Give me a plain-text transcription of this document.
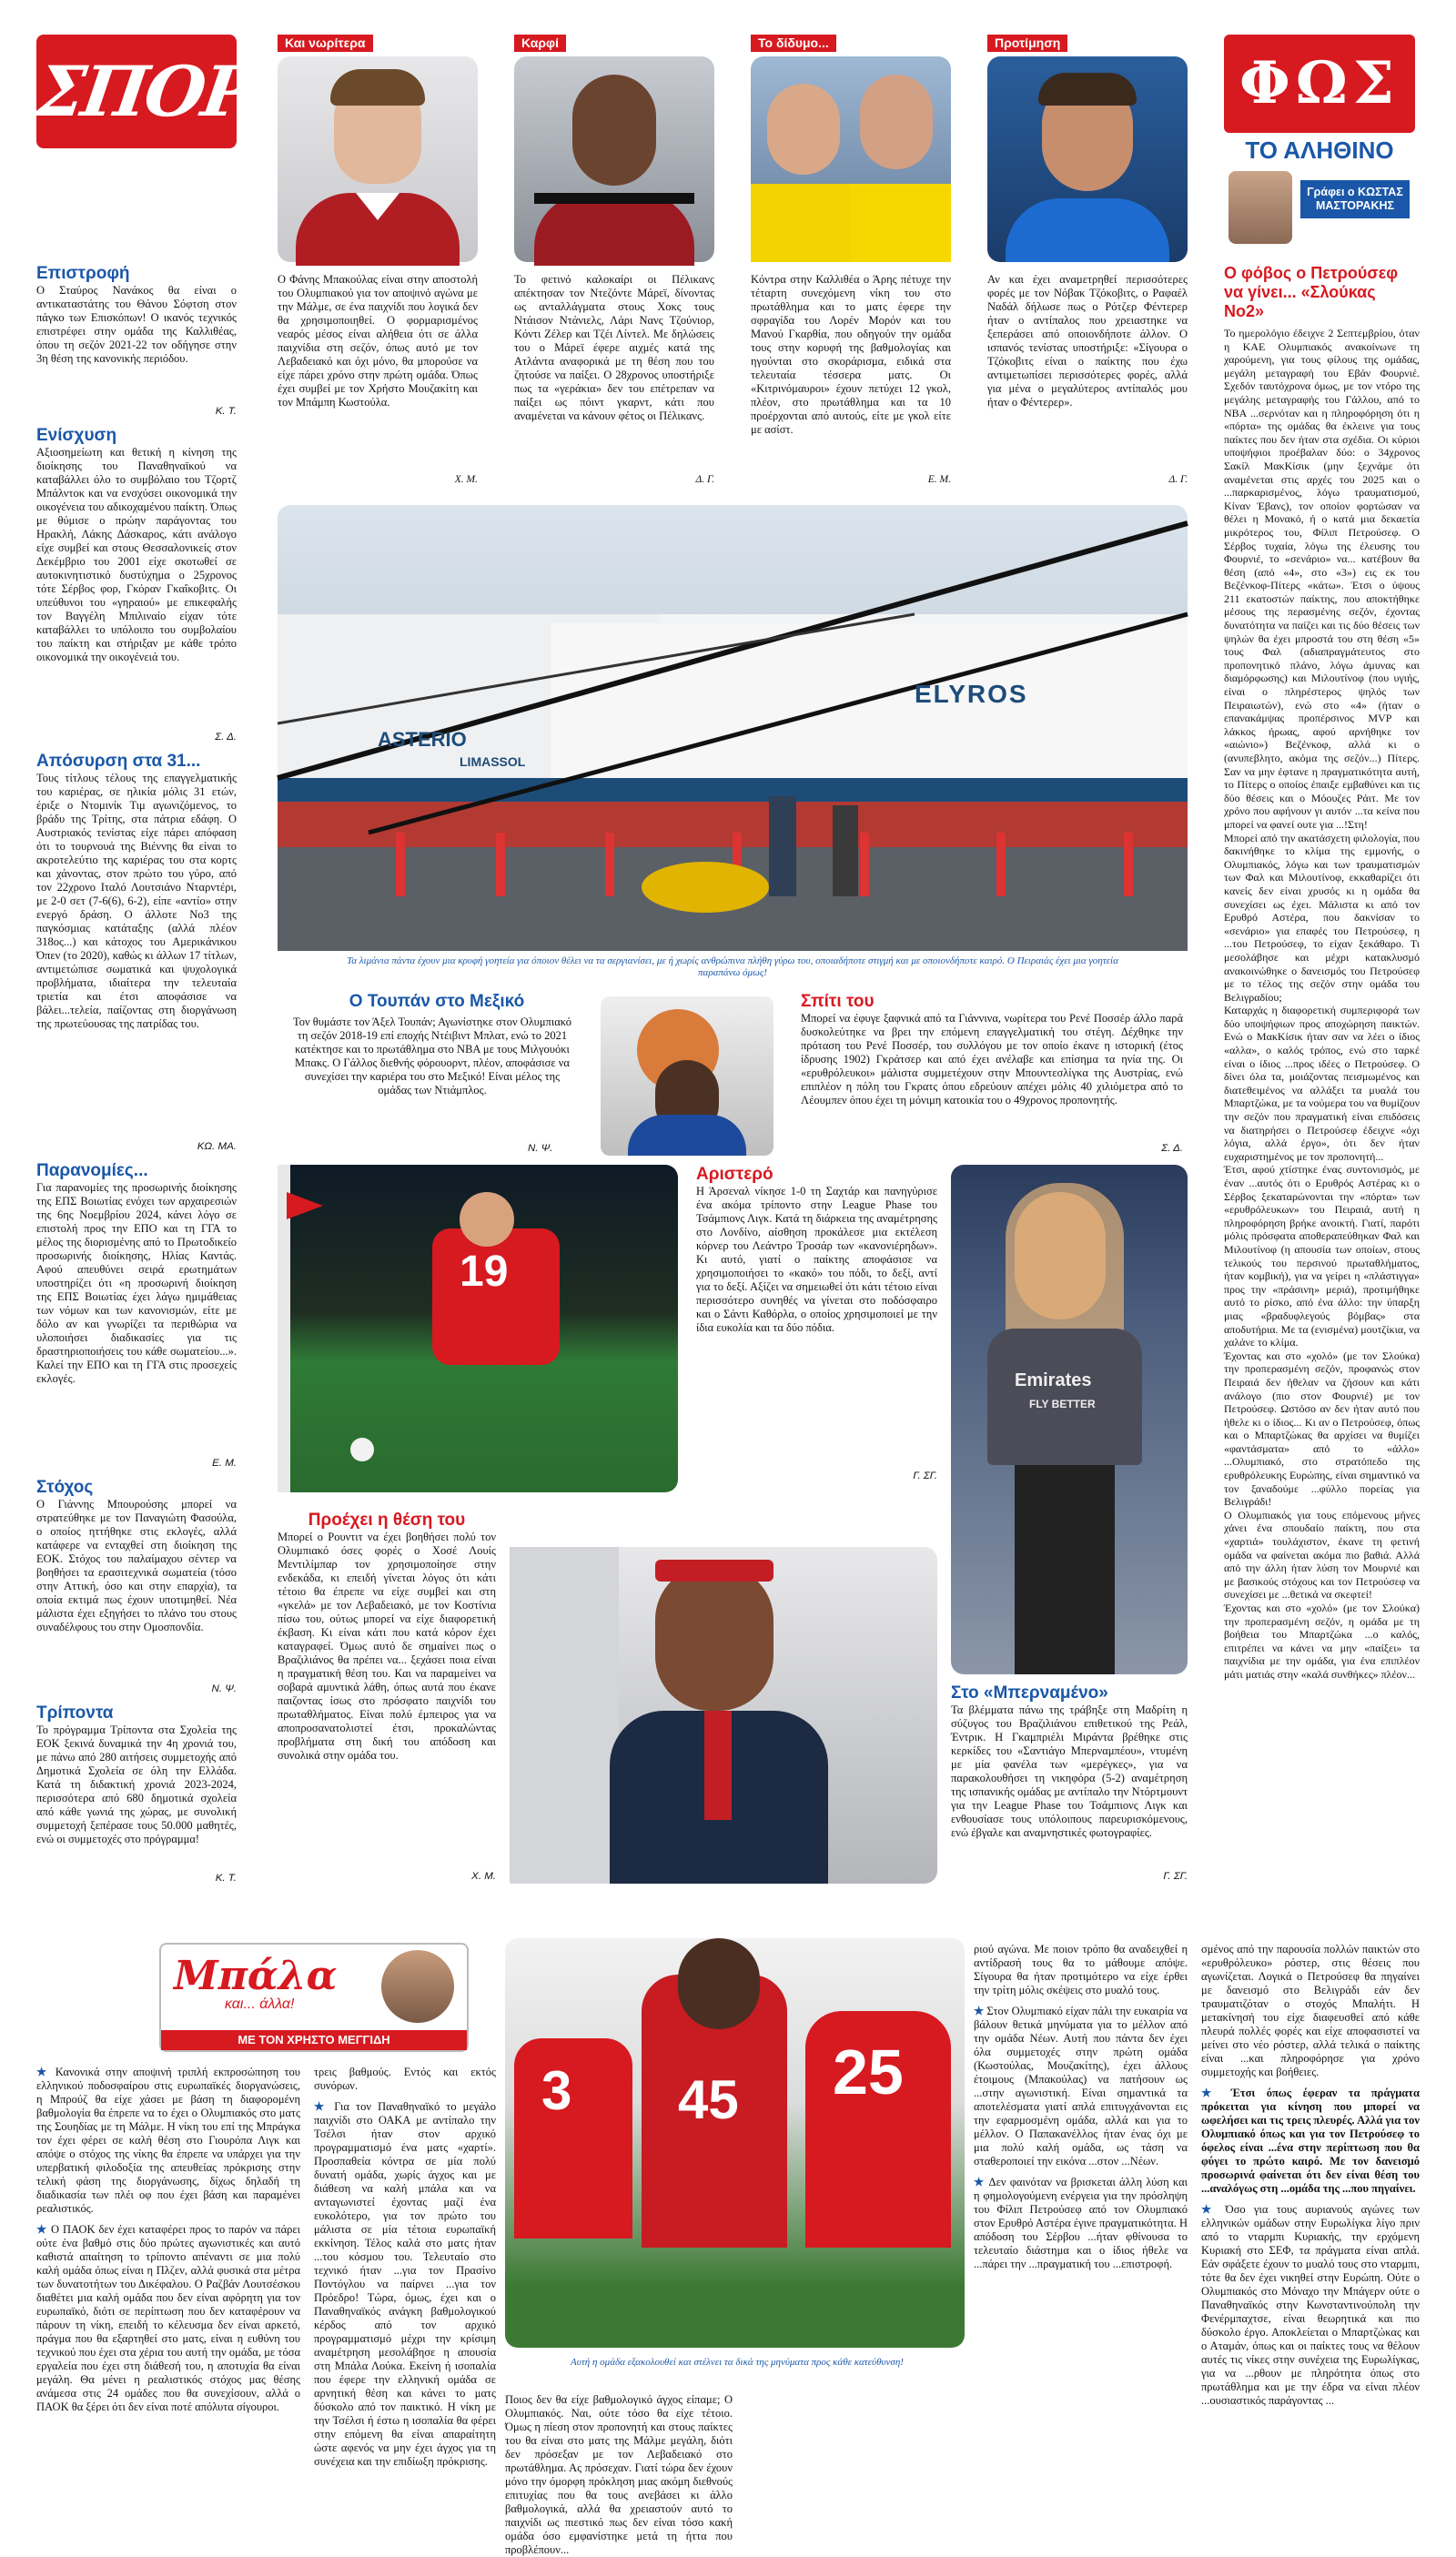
ΣΠΟΡ
Και νωρίτερα	Καρφί	Το δίδυμο...	Προτίμηση
ΦΩΣ
ΤΟ ΑΛΗΘΙΝΟ
Γράφει ο ΚΩΣΤΑΣ ΜΑΣΤΟΡΑΚΗΣ
Ο Φάνης Μπακούλας είναι στην αποστολή του Ολυμπιακού για τον αποψινό αγώνα με την Μάλμε, σε ένα παιχνίδι που λογικά δεν θα χρησιμοποιηθεί. Ο φορμαρισμένος νεαρός μέσος είναι αλήθεια ότι σε άλλα παιχνίδια στη σεζόν, όπως αυτό με τον Λεβαδειακό και όχι μόνο, θα μπορούσε να είχε πάρει χρόνο στην πρώτη ομάδα. Όπως έχει συμβεί με τον Χρήστο Μουζακίτη και τον Μπάμπη Κωστούλα.
Χ. Μ.
Το φετινό καλοκαίρι οι Πέλικανς απέκτησαν τον Ντεζόντε Μάρεϊ, δίνοντας ως ανταλλάγματα στους Χοκς τους Ντάισον Ντάνιελς, Λάρι Νανς Τζούνιορ, Κόντι Ζέλερ και Τζέι Λίντελ. Με δηλώσεις του ο Μάρεϊ έφερε αιχμές κατά της Ατλάντα αναφορικά με τη θέση που του ζητούσε να παίξει. Ο 28χρονος υποστήριξε πως τα «γεράκια» δεν του επέτρεπαν να παίξει ως πόιντ γκαρντ, κάτι που αναμένεται να κάνουν φέτος οι Πέλικανς.
Δ. Γ.
Κόντρα στην Καλλιθέα ο Άρης πέτυχε την τέταρτη συνεχόμενη νίκη του στο πρωτάθλημα και το ματς έφερε την σφραγίδα του Λορέν Μορόν και του Μανού Γκαρθία, που οδηγούν την ομάδα τους στην κορυφή της βαθμολογίας και ηγούνται στο σκοράρισμα, ειδικά στα τελευταία τέσσερα ματς. Οι «Κιτρινόμαυροι» έχουν πετύχει 12 γκολ, πλέον, στο πρωτάθλημα και τα 10 προέρχονται από αυτούς, είτε με γκολ είτε με ασίστ.
Ε. Μ.
Αν και έχει αναμετρηθεί περισσότερες φορές με τον Νόβακ Τζόκοβιτς, ο Ραφαέλ Ναδάλ δήλωσε πως ο Ρότζερ Φέντερερ ήταν ο αντίπαλος που χρειαστηκε να ξεπεράσει από οποιονδήποτε άλλον. Ο ισπανός τενίστας υποστήριξε: «Σίγουρα ο Τζόκοβιτς είναι ο παίκτης που έχω αντιμετωπίσει περισσότερες φορές, αλλά για μένα ο μεγαλύτερος αντίπαλός μου ήταν ο Φέντερερ».
Δ. Γ.
Επιστροφή
Ο Σταύρος Νανάκος θα είναι ο αντικαταστάτης του Θάνου Σόφτση στον πάγκο των Επισκόπων! Ο ικανός τεχνικός επιστρέφει στην ομάδα της Καλλιθέας, όπου τη σεζόν 2021-22 τον οδήγησε στην 3η θέση της κανονικής περιόδου.
Κ. Τ.
Ενίσχυση
Αξιοσημείωτη και θετική η κίνηση της διοίκησης του Παναθηναϊκού να καταβάλλει όλο το συμβόλαιο του Τζορτζ Μπάλντοκ και να ενσχύσει οικονομικά την οικογένεια του αδικοχαμένου παίκτη. Όπως με θύμισε ο πρώην παράγοντας του Ηρακλή, Λάκης Δάσκαρος, κάτι ανάλογο είχε συμβεί και στους Θεσσαλονικείς στον Δεκέμβριο του 2001 είχε σκοτωθεί σε αυτοκινητιστικό δυστύχημα ο 25χρονος τότε Σέρβος φορ, Γκόραν Γκαΐκοβιτς. Οι υπεύθυνοι του «γηραιού» με επικεφαλής τον Βαγγέλη Μπιλιναίο είχαν τότε καταβάλλει το υπόλοιπο του συμβολαίου του παίκτη και στήριξαν με κάθε τρόπο οικονομικά την οικογένειά του.
Σ. Δ.
Απόσυρση στα 31...
Τους τίτλους τέλους της επαγγελματικής του καριέρας, σε ηλικία μόλις 31 ετών, έριξε ο Ντομινίκ Τιμ αγωνιζόμενος, το βράδυ της Τρίτης, στα πάτρια εδάφη. Ο Αυστριακός τενίστας είχε πάρει απόφαση ότι το τουρνουά της Βιέννης θα είναι το ακροτελεύτιο της καριέρας του στα κορτς και χάνοντας, στον πρώτο του γύρο, από τον 22χρονο Ιταλό Λουτσιάνο Νταρντέρι, με 2-0 σετ (7-6(6), 6-2), είπε «αντίο» στην ενεργό δράση. Ο άλλοτε Νο3 της παγκόσμιας κατάταξης (αλλά πλέον 318ος...) και κάτοχος του Αμερικάνικου Όπεν (το 2020), καθώς κι άλλων 17 τίτλων, αντιμετώπισε σωματικά και ψυχολογικά προβλήματα, ιδιαίτερα την τελευταία τριετία και έτσι αποφάσισε να βάλει...τελεία, παίζοντας στη διοργάνωση της πρωτεύουσας της πατρίδας του.
ΚΩ. ΜΑ.
Παρανομίες...
Για παρανομίες της προσωρινής διοίκησης της ΕΠΣ Βοιωτίας ενόχει των αρχαιρεσιών της 6ης Νοεμβρίου 2024, κάνει λόγο σε επιστολή προς την ΕΠΟ και τη ΓΓΑ το μέλος της διορισμένης από το Πρωτοδικείο προσωρινής διοίκησης, Ηλίας Καντάς. Αφού απευθύνει σειρά ερωτημάτων υποστηρίζει ότι «η προσωρινή διοίκηση της ΕΠΣ Βοιωτίας έχει λάγω ημιμάθειας των νόμων και των κανονισμών, είτε με δόλο αν και γνωρίζει τα περιθώρια να υλοποιήσει διαδικασίες για τις δραστηριοποιήσεις του κάθε σωματείου...». Καλεί την ΕΠΟ και τη ΓΓΑ στις προσεχείς εκλογές.
Ε. Μ.
Στόχος
Ο Γιάννης Μπουρούσης μπορεί να στρατεύθηκε με τον Παναγιώτη Φασούλα, ο οποίος ηττήθηκε στις εκλογές, αλλά κατάφερε να ενταχθεί στη διοίκηση της ΕΟΚ. Στόχος του παλαίμαχου σέντερ να βοηθήσει τα ερασιτεχνικά σωματεία (τόσο στην Αττική, όσο και στην επαρχία), τα οποία εκτιμά πως έχουν υποτιμηθεί. Νέα μάλιστα έχει εξηγήσει το πλάνο του στους συναδέλφους του στην Ομοσπονδία.
Ν. Ψ.
Τρίποντα
Το πρόγραμμα Τρίποντα στα Σχολεία της ΕΟΚ ξεκινά δυναμικά την 4η χρονιά του, με πάνω από 280 αιτήσεις συμμετοχής από Δημοτικά Σχολεία σε όλη την Ελλάδα. Κατά τη διδακτική χρονιά 2023-2024, περισσότερα από 680 δημοτικά σχολεία από κάθε γωνιά της χώρας, με συνολική συμμετοχή ξεπέρασε τους 50.000 μαθητές, ενώ οι συμμετοχές στο πρόγραμμα!
Κ. Τ.
Ο φόβος ο Πετρούσεφ να γίνει... «Σλούκας Νο2»
Το ημερολόγιο έδειχνε 2 Σεπτεμβρίου, όταν η ΚΑΕ Ολυμπιακός ανακοίνωνε τη χαρούμενη, για τους φίλους της ομάδας, μεγάλη μεταγραφή του Εβάν Φουρνιέ. Σχεδόν ταυτόχρονα όμως, με τον ντόρο της μεγάλης μεταγραφής του Γάλλου, από το NBA ...σερνόταν και η πληροφόρηση ότι η «πόρτα» της ομάδας θα έκλεινε για τους παίκτες που δεν ήταν στα σχέδια. Οι κύριοι υποψήφιοι προέβαλαν δύο: ο 34χρονος Σακίλ ΜακΚίσικ (μην ξεχνάμε ότι αναμένεται στις αρχές του 2025 και ο ...παρκαρισμένος, λόγω τραυματισμού, Κίναν Έβανς), τον οποίον φορτώσαν να θέλει η Μονακό, ή ο κατά μια δεκαετία μικρότερος του, Φίλιπ Πετρούσεφ. Ο Σέρβος τυχαία, λόγω της έλευσης του Φουρνιέ, το «σενάριο» να... κατέβουν θα θέση (από «4», στο «3») εις εκ του Βεζένκοφ-Πίτερς «κάτω». Έτσι ο ύψους 211 εκατοστών παίκτης, που αποκτήθηκε μέσους της περασμένης σεζόν, έχοντας δυνατότητα να παίζει και τις δύο θέσεις των ψηλών θα έχει μπροστά του στη θέση «5» τους Φαλ (αδιαπραγμάτευτος στο προπονητικό πλάνο, λόγω άμυνας και διαμόρφωσης) και Μιλουτίνοφ (που υγιής, είναι ο πληρέστερος ψηλός των Πειραιωτών), ενώ στο «4» (ήταν ο επανακάμψας προπέρσινος MVP και λάκκος ήρωας, αφού αρνήθηκε τον «αιώνιο») Βεζένκοφ, αλλά κι ο (ανυπεβλητο, ακόμα της σεζόν...) Πίτερς. Σαν να μην έφτανε η πραγματικότητα αυτή, το Πίτερς ο οποίος έπαιξε εμβαθύνει και τις δύο θέσεις και ο Μόουζες Ράιτ. Με τον χρόνο που αφήνουν γι αυτόν ...τα κείνα που μπορεί να φανεί ουτε για ...!Στη!
Μπορεί από την ακατάσχετη φιλολογία, που δακινήθηκε το κλίμα της εμμονής, ο Ολυμπιακός, λόγω και των τραυματισμών των Φαλ και Μιλουτίνοφ, εκκαθαρίζει ότι κανείς δεν είναι χρυσός κι η ομάδα θα συνεχίσει ως έχει. Μάλιστα κι από τον Ερυθρό Αστέρα, που δακνίσαν το «σενάριο» για επαφές του Πετρούσεφ, η ...του Πετρούσεφ, το είχαν ξεκάθαρο. Τι μεσολάβησε και μέχρι κατακλυσμό ανακοινώθηκε ο δανεισμός του Πετρούσεφ με το τέλος της σεζόν στην ομάδα του Βελιγραδίου;
Καταρχάς η διαφορετική συμπεριφορά των δύο υποψήφιων προς αποχώρηση παικτών. Ενώ ο ΜακΚίσικ ήταν σαν να λέει ο ίδιος «αλλα», ο καλός τρόπος, ενώ στο ταρκέ είναι ο ίδιος ...προς ιδέες ο Πετρούσεφ. Ο δίνει όλα τα, μοιάζοντας πεισμωμένος και διατεθειμένος να αλλάξει τα μυαλά του Μπαρτζώκα, με τα νούμερα του να θυμίζουν την σεζόν που πραγματική είναι επιδόσεις να διατηρήσει ο Πετρούσεφ έδειχνε «όχι λόγια, αλλά έργο», ότι δεν ήταν ευχαριστημένος με τον προπονητή...
Έτσι, αφού χτίστηκε ένας συντονισμός, με έναν ...αυτός ότι ο Ερυθρός Αστέρας κι ο Σέρβος ξεκαταρώνονται την «πόρτα» των «ερυθρόλευκων» του Πειραιά, αυτή η πληροφόρηση βρήκε ανοικτή. Γιατί, παρότι μόλις πρόσφατα αποθεραπεύθηκαν Φαλ και Μιλουτίνοφ (η απουσία των οποίων, στους τελικούς του περσινού πρωταθλήματος, ήταν κομβική), για να γείρει η «πλάστιγγα» προς την «πράσινη» μεριά), προτιμήθηκε αυτό το ρίσκο, από ένα άλλο: την ύπαρξη μιας «βραδυφλεγούς βόμβας» στα αποδυτήρια. Με τα (ενισμένα) μουτζίκια, να χαλάνε το κλίμα.
Έχοντας και στο «χολό» (με τον Σλούκα) την προπερασμένη σεζόν, προφανώς στον Πειραιά δεν ήθελαν να ζήσουν και κάτι ανάλογο (πιο στον Φουρνιέ) με τον Πετρούσεφ. Ωστόσο αν δεν ήταν αυτό που ήθελε κι ο ίδιος... Κι αν ο Πετρούσεφ, όπως και ο Μπαρτζώκας θα αρχίσει να θυμίζει «φαντάσματα» από το «άλλο» ...Ολυμπιακό, στο στρατόπεδο της ερυθρόλευκης Ευρώπης, είναι σημαντικό να τον ξαναδούμε ...φύλλο πορείας για Βελιγράδι!
Ο Ολυμπιακός για τους επόμενους μήνες χάνει ένα σπουδαίο παίκτη, που στα «χαρτιά» τουλάχιστον, έκανε τη φετινή ομάδα να φαίνεται ακόμα πιο βαθιά. Αλλά από την άλλη ήταν λύση τον Μουρνιέ και με βασικούς στόχους και τον Πετρούσεφ να συνεχίσει με ...θετικά να σκεφτεί!
Έχοντας και στο «χολό» (με τον Σλούκα) την προπερασμένη σεζόν, η ομάδα με τη βοήθεια του Μπαρτζώκα ...ο καλός, επιτρέπει να κάνει να μην «παίξει» τα παιχνίδια με την ομάδα, για ένα επιπλέον μάτι ματιάς στην «καλά συνθήκες» πλέον...
ELYROS
ASTERIO
LIMASSOL
Τα λιμάνια πάντα έχουν μια κρυφή γοητεία για όποιον θέλει να τα σεργιανίσει, με ή χωρίς ανθρώπινα πλήθη γύρω του, οποιαδήποτε στιγμή και με οποιονδήποτε καιρό. Ο Πειραιάς έχει μια γοητεία παραπάνω όμως!
Ο Τουπάν στο Μεξικό
Τον θυμάστε τον Άξελ Τουπάν; Αγωνίστηκε στον Ολυμπιακό τη σεζόν 2018-19 επί εποχής Ντέιβιντ Μπλατ, ενώ το 2021 κατέκτησε και το πρωτάθλημα στο NBA με τους Μιλγουόκι Μπακς. Ο Γάλλος διεθνής φόρουορντ, πλέον, αποφάσισε να συνεχίσει την καριέρα του στο Μεξικό! Είναι μέλος της ομάδας των Ντιάμπλος.
Ν. Ψ.
Σπίτι του
Μπορεί να έφυγε ξαφνικά από τα Γιάννινα, νωρίτερα του Ρενέ Ποσσέρ άλλο παρά δυσκολεύτηκε να βρει την επόμενη επαγγελματική του στέγη. Δέχθηκε την πρόταση του Ρενέ Ποσσέρ, του συλλόγου με τον οποίο έκανε η ιστορική (έτος ίδρυσης 1902) Γκράτσερ και από έχει ανέλαβε και επίσημα τα ηνία της. Οι «ερυθρόλευκοι» μάλιστα συμμετέχουν στην Μπουντεσλίγκα της Αυστρίας, ενώ επιπλέον η πόλη του Γκρατς όπου εδρεύουν απέχει μόλις 40 χιλιόμετρα από το Λέουμπεν όπου έχει τη μόνιμη κατοικία του ο 49χρονος προπονητής.
Σ. Δ.
19
Αριστερό
Η Άρσεναλ νίκησε 1-0 τη Σαχτάρ και πανηγύρισε ένα ακόμα τρίποντο στην League Phase του Τσάμπιονς Λιγκ. Κατά τη διάρκεια της αναμέτρησης στο Λονδίνο, αίσθηση προκάλεσε μια εκτέλεση κόρνερ του Λεάντρο Τροσάρ των «κανονιέρηδων». Κι αυτό, γιατί ο παίκτης αποφάσισε να χρησιμοποιήσει το «κακό» του πόδι, το δεξί, αντί για το δεξί. Αξίζει να σημειωθεί ότι κάτι τέτοιο είναι περισσότερο συνηθές να γίνεται στο ποδόσφαιρο και ο Σάντι Καθόρλα, ο οποίος χρησιμοποιεί με την ίδια ευκολία και τα δύο πόδια.
Γ. ΣΓ.
Emirates
FLY BETTER
Προέχει η θέση του
Μπορεί ο Ρουντιτ να έχει βοηθήσει πολύ τον Ολυμπιακό όσες φορές ο Χοσέ Λουίς Μεντιλίμπαρ τον χρησιμοποίησε στην ενδεκάδα, κι επειδή γίνεται λόγος ότι κάτι τέτοιο θα έπρεπε να είχε συμβεί και στη «γκελά» με τον Λεβαδειακό, με τον Κοστίνια πίσω του, ούτως μπορεί να είχε διαφορετική έκβαση. Κι είναι κάτι που κατά κόρον έχει καταγραφεί. Όμως αυτό δε σημαίνει πως ο Βραζιλιάνος θα πρέπει να... ξεχάσει ποια είναι η πραγματική θέση του. Και να παραμείνει να σοβαρά αμυντικά λάθη, όπως αυτά που έκανε παιζοντας ίσως στο πρόσφατο παιχνίδι του πρωταθλήματος. Είναι πολύ έμπειρος για να αποπροσανατολιστεί έτσι, προκαλώντας προβλήματα στη δική του απόδοση και συνολικά στην ομάδα του.
Χ. Μ.
Στο «Μπερναμένο»
Τα βλέμματα πάνω της τράβηξε στη Μαδρίτη η σύζυγος του Βραζιλιάνου επιθετικού της Ρεάλ, Έντρικ. Η Γκαμπριέλι Μιράντα βρέθηκε στις κερκίδες του «Σαντιάγο Μπερναμπέου», ντυμένη με μία φανέλα των «μερέγκες», για να παρακολουθήσει τη νικηφόρα (5-2) αναμέτρηση της ισπανικής ομάδας με αντίπαλο την Ντόρτμουντ για την League Phase του Τσάμπιονς Λιγκ και ενθουσίασε τους υπόλοιπους παρευρισκόμενους, ενώ έβγαλε και αναμνηστικές φωτογραφίες.
Γ. ΣΓ.
Μπάλα
και... άλλα!
ΜΕ ΤΟΝ ΧΡΗΣΤΟ ΜΕΓΓΙΔΗ
★ Κανονικά στην αποψινή τριπλή εκπροσώπηση του ελληνικού ποδοσφαίρου στις ευρωπαϊκές διοργανώσεις, η Μπρούζ θα είχε χάσει με βάση τη διαφορομένη βαθμολογία θα έπρεπε να το έχει ο Ολυμπιακός στο ματς της Σουηδίας με τη Μάλμε. Η νίκη του επί της Μπράγκα τον έχει φέρει σε καλή θέση στο Γιουρόπα Λιγκ και απόψε ο στόχος της νίκης θα έπρεπε να υπάρχει για την υπερβατική φιλοδοξία της απευθείας πρόκρισης στην τελική φάση της διοργάνωσης, δίχως δηλαδή τη διαδικασία των πλέι οφ που έχει βάση και παραμένει ρεαλιστικός.
★ Ο ΠΑΟΚ δεν έχει καταφέρει προς το παρόν να πάρει ούτε ένα βαθμό στις δύο πρώτες αγωνιστικές και αυτό καθιστά απαίτηση το τρίποντο απέναντι σε μια πολύ καλή ομάδα όπως είναι η Πλζεν, αλλά φυσικά στα μέτρα των δυνατοτήτων του Δικέφαλου. Ο Ραζβάν Λουτσέσκου διαθέτει μια καλή ομάδα που δεν είναι αφόρητη για τον ευρωπαϊκό, διότι σε περίπτωση που δεν καταφέρουν να πάρουν τη νίκη, επειδή το κέλευσμα δεν είναι αρκετό, πράγμα που θα εξαρτηθεί στο ματς, είναι η ευθύνη του τεχνικού που έχει στα χέρια του αυτή την ομάδα, με τόσα εργαλεία που έχει στη διάθεσή του, η αποτυχία θα είναι μεγάλη. Θα μένει η ρεαλιστικός στόχος μας θέσης ανάμεσα στις 24 ομάδες που θα συνεχίσουν, αλλά ο ΠΑΟΚ θα ξέρει ότι δεν είναι ποτέ απόλυτα σίγουροι.
τρεις βαθμούς. Εντός και εκτός συνόρων.
★ Για τον Παναθηναϊκό το μεγάλο παιχνίδι στο ΟΑΚΑ με αντίπαλο την Τσέλσι ήταν στον αρχικό προγραμματισμό ένα ματς «χαρτί». Προσπαθεία κόντρα σε μία πολύ δυνατή ομάδα, χωρίς άγχος και με διάθεση να καλή μπάλα και να ανταγωνιστεί έχοντας μαζί ένα ευκολότερο, για τον πρώτο του μάλιστα σε μία τέτοια ευρωπαϊκή εκκίνηση. Τέλος καλά στο ματς ήταν ...του κόσμου του. Τελευταίο στο τεχνικό ήταν ...για τον Πρασίνο Ποντόγλου να παίρνει ...για τον Πρόεδρο! Τώρα, όμως, έχει και ο Παναθηναϊκός ανάγκη βαθμολογικού κέρδος από τον αρχικό προγραμματισμό μέχρι την κρίσιμη αναμέτρηση μεσολάβησε η απουσία στη Μπάλα Λούκα. Εκείνη ή ισοπαλία που έφερε την ελληνική ομάδα σε αρνητική θέση και κάνει το ματς δύσκολο από τον παικτικό. Η νίκη με την Τσέλσι ή έστω η ισοπαλία θα φέρει στην επόμενη θα είναι απαραίτητη ώστε αφενός να μην έχει άγχος για τη συνέχεια και την επιδίωξη πρόκρισης.
25
45
3
Αυτή η ομάδα εξακολουθεί και στέλνει τα δικά της μηνύματα προς κάθε κατεύθυνση!
Ποιος δεν θα είχε βαθμολογικό άγχος είπαμε; Ο Ολυμπιακός. Ναι, ούτε τόσο θα είχε τέτοιο. Όμως η πίεση στον προπονητή και στους παίκτες του θα είναι στο ματς της Μάλμε μεγάλη, διότι δεν πρόσεξαν με τον Λεβαδειακό στο πρωτάθλημα. Ας πρόσεχαν. Γιατί τώρα δεν έχουν μόνο την όμορφη πρόκληση μιας ακόμη διεθνούς επιτυχίας που θα τους ανεβάσει κι άλλο βαθμολογικά, αλλά θα χρειαστούν αυτό το παιχνίδι ως πιεστικό πως δεν είναι τόσο κακή ομάδα όσο εμφανίστηκε μετά τη ήττα που προβλέπουν...
ριού αγώνα. Με ποιον τρόπο θα αναδειχθεί η αντίδρασή τους θα το μάθουμε απόψε. Σίγουρα θα ήταν προτιμότερο να είχε έρθει την τρίτη μόλις σκέψεις στο μυαλό τους.
★ Στον Ολυμπιακό είχαν πάλι την ευκαιρία να βάλουν θετικά μηνύματα για το μέλλον από την ομάδα Νέων. Αυτή που πάντα δεν έχει όλα συμμετοχές στην πρώτη ομάδα (Κωστούλας, Μουζακίτης), έχει άλλους έτοιμους (Μπακούλας) να πατήσουν ως ...στην αγωνιστική. Είναι σημαντικά τα αποτελέσματα γιατί απλά επιτυγχάνονται εις την εφαρμοσμένη ομάδα, αλλά και για το μέλλον. Ο Παπακανέλλος ήταν ένας όχι με μια πολύ καλή ομάδα, ως τάση να σταθεροποιεί την εικόνα ...στον ...Νέων.
★ Δεν φαινόταν να βρισκεται άλλη λύση και η φημολογούμενη ενέργεια για την πρόσληψη του Φίλιπ Πετρούσεφ από τον Ολυμπιακό στον Ερυθρό Αστέρα έγινε πραγματικότητα. Η απόδοση του Σέρβου ...ήταν φθίνουσα το τελευταίο διάστημα και ο ίδιος ήθελε να ...πάρει την ...πραγματική του ...επιστροφή.
σμένος από την παρουσία πολλών παικτών στο «ερυθρόλευκο» ρόστερ, στις θέσεις που αγωνίζεται. Λογικά ο Πετρούσεφ θα πηγαίνει με δανεισμό στο Βελιγράδι εάν δεν τραυματιζόταν ο στοχός Μπαλήτι. Η μετακίνησή του είχε διαφευσθεί από κάθε πλευρά πολλές φορές και είχε αποφασιστεί να μείνει στο νέο ρόστερ, αλλά τελικά ο παίκτης είναι ...και πληροφόρησε για χρόνο συμμετοχής και βοήθειες.
★ Έτσι όπως έφεραν τα πράγματα πρόκειται για κίνηση που μπορεί να ωφελήσει και τις τρεις πλευρές. Αλλά για τον Ολυμπιακό όπως και για τον Πετρούσεφ το όφελος είναι ...ένα στην περίπτωση που θα φύγει το πρώτο καιρό. Με τον δανεισμό προσωρινά φαίνεται ότι δεν είναι θέση του ...αναλόγως στη ...ομάδα της ...που πηγαίνει.
★ Όσο για τους αυριανούς αγώνες των ελληνικών ομάδων στην Ευρωλίγκα λίγο πριν από το νταρμπι Κυριακής, την ερχόμενη Κυριακή στο ΣΕΦ, τα πράγματα είναι απλά. Εάν σφάξετε έχουν το μυαλό τους στο νταρμπι, τότε θα δεν έχει νικηθεί στην Ευρώπη. Ούτε ο Ολυμπιακός στο Μόναχο την Μπάγερν ούτε ο Παναθηναϊκός στην Κωνσταντινούπολη την Φενέρμπαχτσε, είναι θεωρητικά και πιο δύσκολο έργο. Αποκλείεται ο Μπαρτζώκας και ο Αταμάν, όπως και οι παίκτες τους να θέλουν αυτές τις νίκες στην συνέχεια της Ευρωλίγκας, για να ...ρθουν με πληρότητα όπως στο πρωτάθλημα και με την έδρα να είναι πλέον ...ουσιαστικός παράγοντας ...
